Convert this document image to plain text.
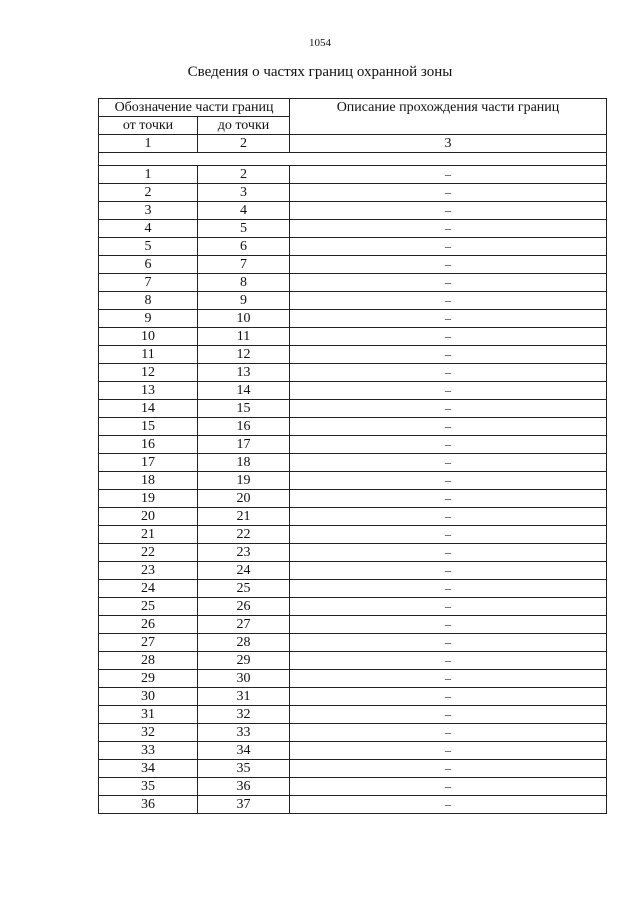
1054
Сведения о частях границ охранной зоны
Обозначение части границ		Описание прохождения части границ
от точки	до точки	
1	2	3

1	2	–
2	3	–
3	4	–
4	5	–
5	6	–
6	7	–
7	8	–
8	9	–
9	10	–
10	11	–
11	12	–
12	13	–
13	14	–
14	15	–
15	16	–
16	17	–
17	18	–
18	19	–
19	20	–
20	21	–
21	22	–
22	23	–
23	24	–
24	25	–
25	26	–
26	27	–
27	28	–
28	29	–
29	30	–
30	31	–
31	32	–
32	33	–
33	34	–
34	35	–
35	36	–
36	37	–
